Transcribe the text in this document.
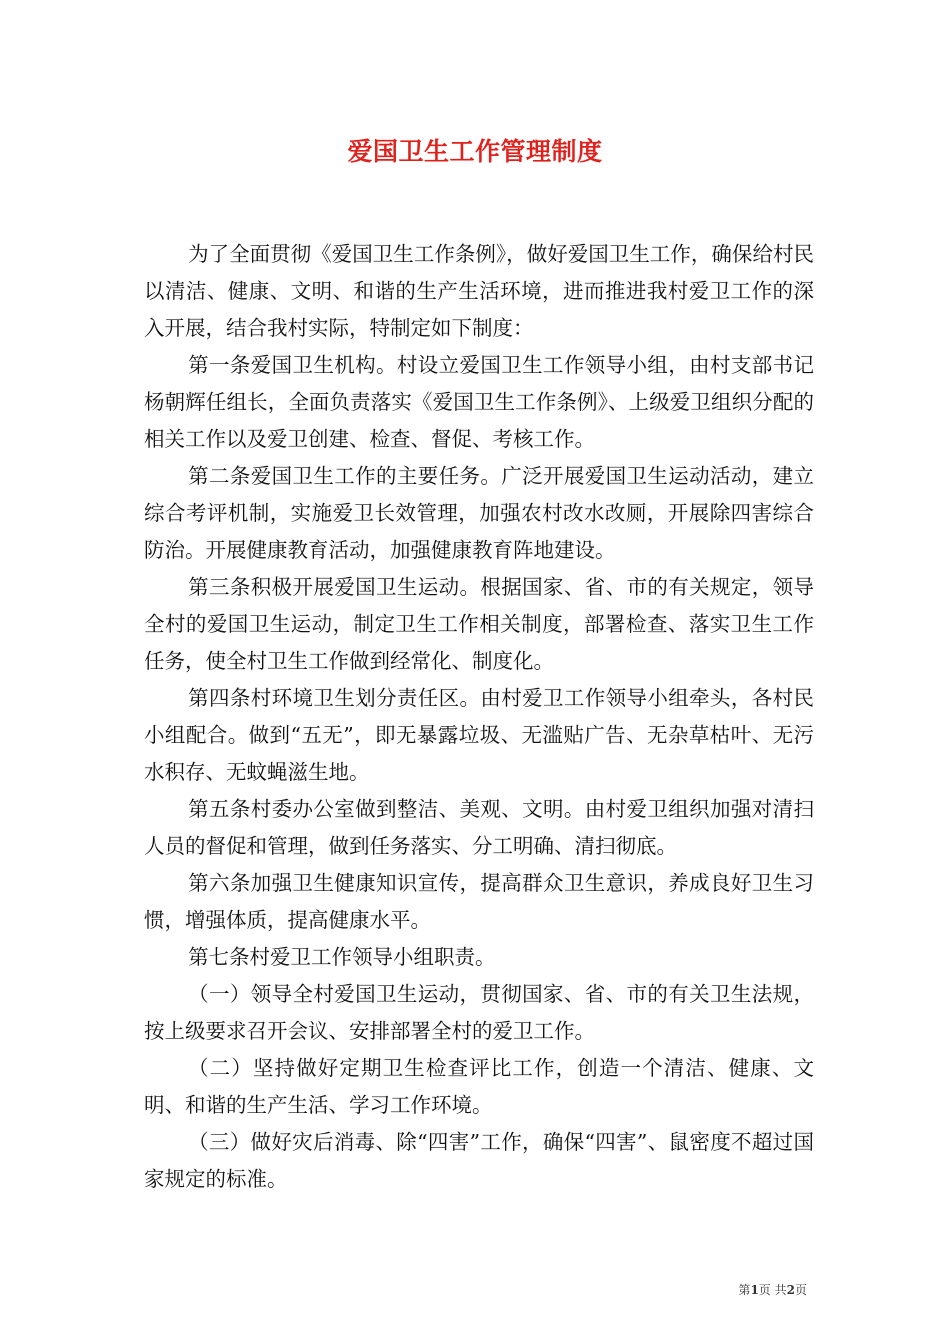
爱国卫生工作管理制度

为了全面贯彻《爱国卫生工作条例》，做好爱国卫生工作，确保给村民以清洁、健康、文明、和谐的生产生活环境，进而推进我村爱卫工作的深入开展，结合我村实际，特制定如下制度：

第一条爱国卫生机构。村设立爱国卫生工作领导小组，由村支部书记杨朝辉任组长，全面负责落实《爱国卫生工作条例》、上级爱卫组织分配的相关工作以及爱卫创建、检查、督促、考核工作。

第二条爱国卫生工作的主要任务。广泛开展爱国卫生运动活动，建立综合考评机制，实施爱卫长效管理，加强农村改水改厕，开展除四害综合防治。开展健康教育活动，加强健康教育阵地建设。

第三条积极开展爱国卫生运动。根据国家、省、市的有关规定，领导全村的爱国卫生运动，制定卫生工作相关制度，部署检查、落实卫生工作任务，使全村卫生工作做到经常化、制度化。

第四条村环境卫生划分责任区。由村爱卫工作领导小组牵头，各村民小组配合。做到“五无”，即无暴露垃圾、无滥贴广告、无杂草枯叶、无污水积存、无蚊蝇滋生地。

第五条村委办公室做到整洁、美观、文明。由村爱卫组织加强对清扫人员的督促和管理，做到任务落实、分工明确、清扫彻底。

第六条加强卫生健康知识宣传，提高群众卫生意识，养成良好卫生习惯，增强体质，提高健康水平。

第七条村爱卫工作领导小组职责。

（一）领导全村爱国卫生运动，贯彻国家、省、市的有关卫生法规，按上级要求召开会议、安排部署全村的爱卫工作。

（二）坚持做好定期卫生检查评比工作，创造一个清洁、健康、文明、和谐的生产生活、学习工作环境。

（三）做好灾后消毒、除“四害”工作，确保“四害”、鼠密度不超过国家规定的标准。

第1页 共2页
